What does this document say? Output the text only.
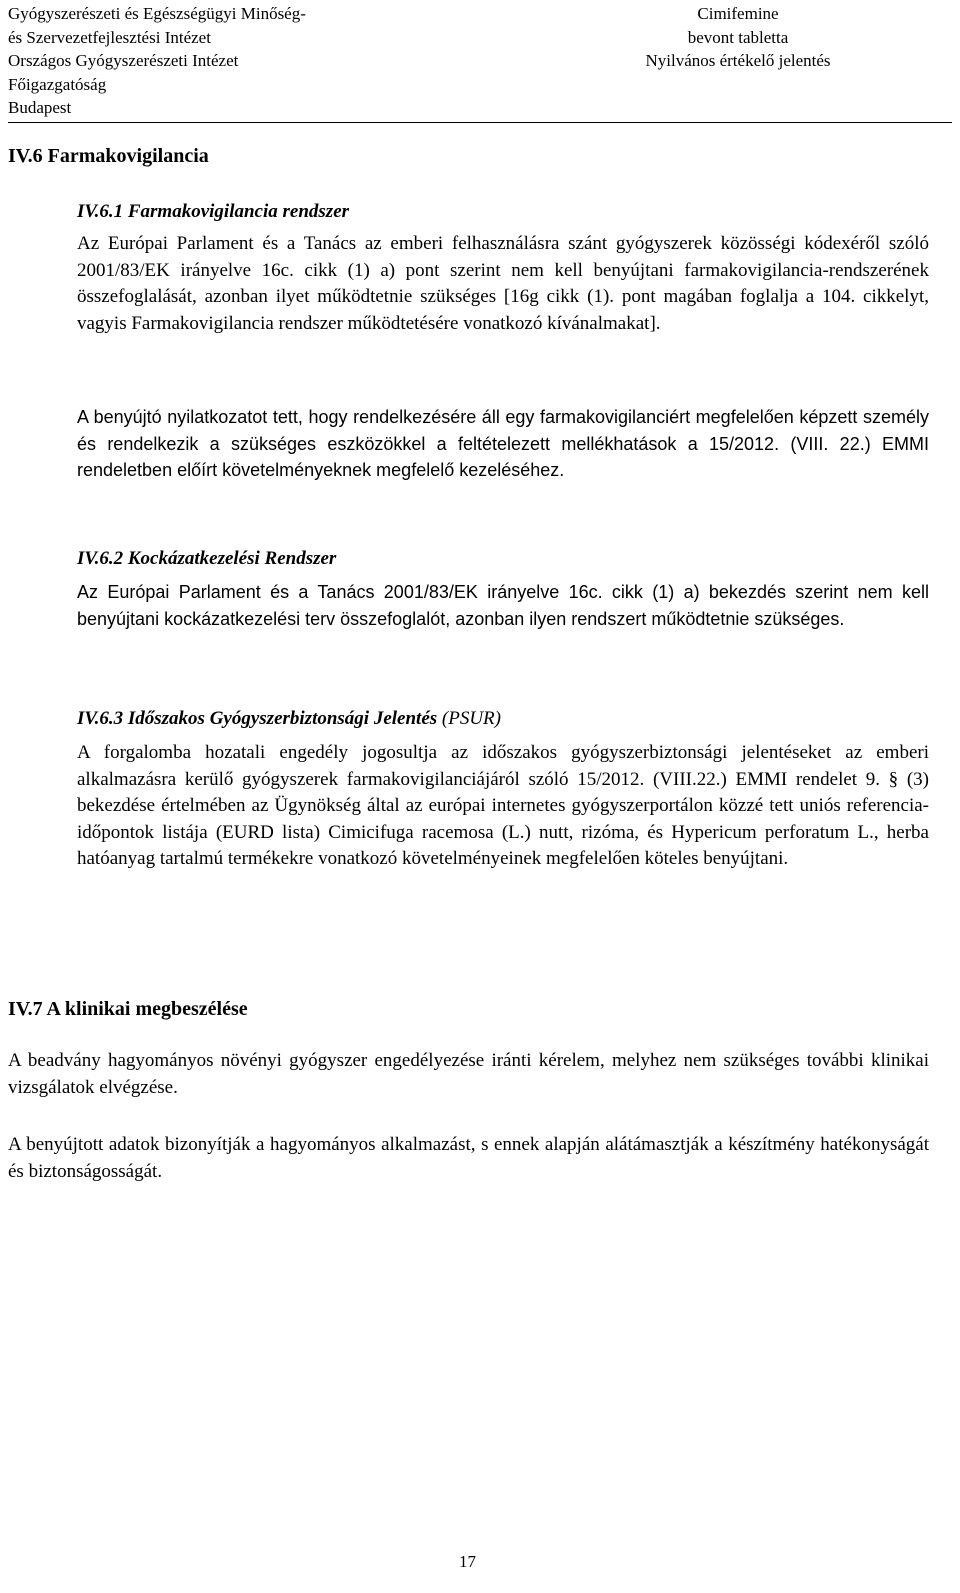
Gyógyszerészeti és Egészségügyi Minőség-
és Szervezetfejlesztési Intézet
Országos Gyógyszerészeti Intézet
Főigazgatóság
Budapest
Cimifemine
bevont tabletta
Nyilvános értékelő jelentés
IV.6 Farmakovigilancia
IV.6.1 Farmakovigilancia rendszer

Az Európai Parlament és a Tanács az emberi felhasználásra szánt gyógyszerek közösségi kódexéről szóló 2001/83/EK irányelve 16c. cikk (1) a) pont szerint nem kell benyújtani farmakovigilancia-rendszerének összefoglalását, azonban ilyet működtetnie szükséges [16g cikk (1). pont magában foglalja a 104. cikkelyt, vagyis Farmakovigilancia rendszer működtetésére vonatkozó kívánalmakat].

A benyújtó nyilatkozatot tett, hogy rendelkezésére áll egy farmakovigilanciért megfelelően képzett személy és rendelkezik a szükséges eszközökkel a feltételezett mellékhatások a 15/2012. (VIII. 22.) EMMI rendeletben előírt követelményeknek megfelelő kezeléséhez.

IV.6.2 Kockázatkezelési Rendszer

Az Európai Parlament és a Tanács 2001/83/EK irányelve 16c. cikk (1) a) bekezdés szerint nem kell benyújtani kockázatkezelési terv összefoglalót, azonban ilyen rendszert működtetnie szükséges.

IV.6.3 Időszakos Gyógyszerbiztonsági Jelentés (PSUR)

A forgalomba hozatali engedély jogosultja az időszakos gyógyszerbiztonsági jelentéseket az emberi alkalmazásra kerülő gyógyszerek farmakovigilanciájáról szóló 15/2012. (VIII.22.) EMMI rendelet 9. § (3) bekezdése értelmében az Ügynökség által az európai internetes gyógyszerportálon közzé tett uniós referencia-időpontok listája (EURD lista) Cimicifuga racemosa (L.) nutt, rizóma, és Hypericum perforatum L., herba hatóanyag tartalmú termékekre vonatkozó követelményeinek megfelelően köteles benyújtani.

IV.7 A klinikai megbeszélése

A beadvány hagyományos növényi gyógyszer engedélyezése iránti kérelem, melyhez nem szükséges további klinikai vizsgálatok elvégzése.

A benyújtott adatok bizonyítják a hagyományos alkalmazást, s ennek alapján alátámasztják a készítmény hatékonyságát és biztonságosságát.

17
